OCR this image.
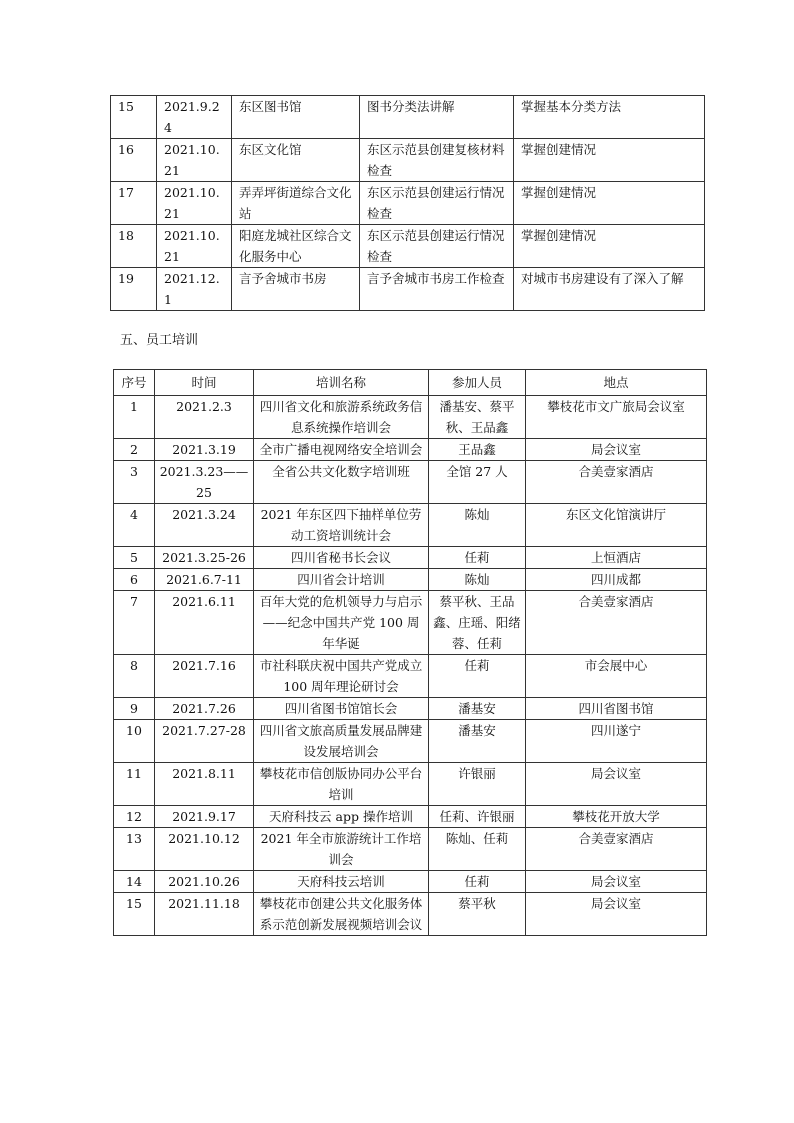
15	2021.9.24	东区图书馆	图书分类法讲解	掌握基本分类方法
16	2021.10.21	东区文化馆	东区示范县创建复核材料检查	掌握创建情况
17	2021.10.21	弄弄坪街道综合文化站	东区示范县创建运行情况检查	掌握创建情况
18	2021.10.21	阳庭龙城社区综合文化服务中心	东区示范县创建运行情况检查	掌握创建情况
19	2021.12.1	言予舍城市书房	言予舍城市书房工作检查	对城市书房建设有了深入了解
五、员工培训
序号	时间	培训名称	参加人员	地点
1	2021.2.3	四川省文化和旅游系统政务信息系统操作培训会	潘基安、蔡平秋、王品鑫	攀枝花市文广旅局会议室
2	2021.3.19	全市广播电视网络安全培训会	王品鑫	局会议室
3	2021.3.23——25	全省公共文化数字培训班	全馆 27 人	合美壹家酒店
4	2021.3.24	2021 年东区四下抽样单位劳动工资培训统计会	陈灿	东区文化馆演讲厅
5	2021.3.25-26	四川省秘书长会议	任莉	上恒酒店
6	2021.6.7-11	四川省会计培训	陈灿	四川成都
7	2021.6.11	百年大党的危机领导力与启示——纪念中国共产党 100 周年华诞	蔡平秋、王品鑫、庄瑶、阳绪蓉、任莉	合美壹家酒店
8	2021.7.16	市社科联庆祝中国共产党成立 100 周年理论研讨会	任莉	市会展中心
9	2021.7.26	四川省图书馆馆长会	潘基安	四川省图书馆
10	2021.7.27-28	四川省文旅高质量发展品牌建设发展培训会	潘基安	四川遂宁
11	2021.8.11	攀枝花市信创版协同办公平台培训	许银丽	局会议室
12	2021.9.17	天府科技云 app 操作培训	任莉、许银丽	攀枝花开放大学
13	2021.10.12	2021 年全市旅游统计工作培训会	陈灿、任莉	合美壹家酒店
14	2021.10.26	天府科技云培训	任莉	局会议室
15	2021.11.18	攀枝花市创建公共文化服务体系示范创新发展视频培训会议	蔡平秋	局会议室
